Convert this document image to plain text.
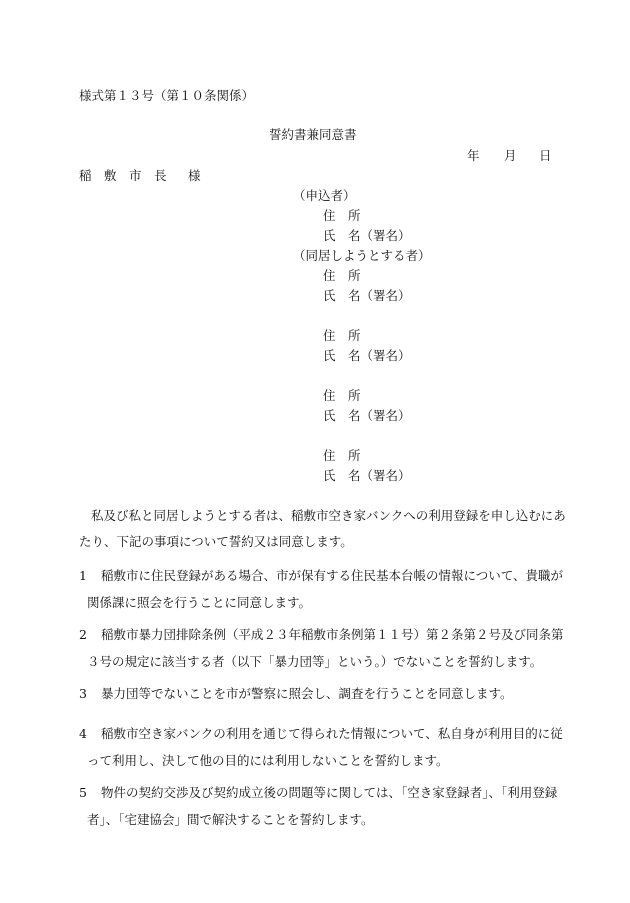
様式第１３号（第１０条関係）
誓約書兼同意書
年 月 日
稲　敷　市　長 様
（申込者）
住　所
氏　名（署名）
（同居しようとする者）
住　所
氏　名（署名）
住　所
氏　名（署名）
住　所
氏　名（署名）
住　所
氏　名（署名）
私及び私と同居しようとする者は、稲敷市空き家バンクへの利用登録を申し込むにあ
たり、下記の事項について誓約又は同意します。
1 稲敷市に住民登録がある場合、市が保有する住民基本台帳の情報について、貴職が
関係課に照会を行うことに同意します。
2 稲敷市暴力団排除条例（平成２３年稲敷市条例第１１号）第２条第２号及び同条第
３号の規定に該当する者（以下「暴力団等」という。）でないことを誓約します。
3 暴力団等でないことを市が警察に照会し、調査を行うことを同意します。
4 稲敷市空き家バンクの利用を通じて得られた情報について、私自身が利用目的に従
って利用し、決して他の目的には利用しないことを誓約します。
5 物件の契約交渉及び契約成立後の問題等に関しては、「空き家登録者」、「利用登録
者」、「宅建協会」間で解決することを誓約します。
